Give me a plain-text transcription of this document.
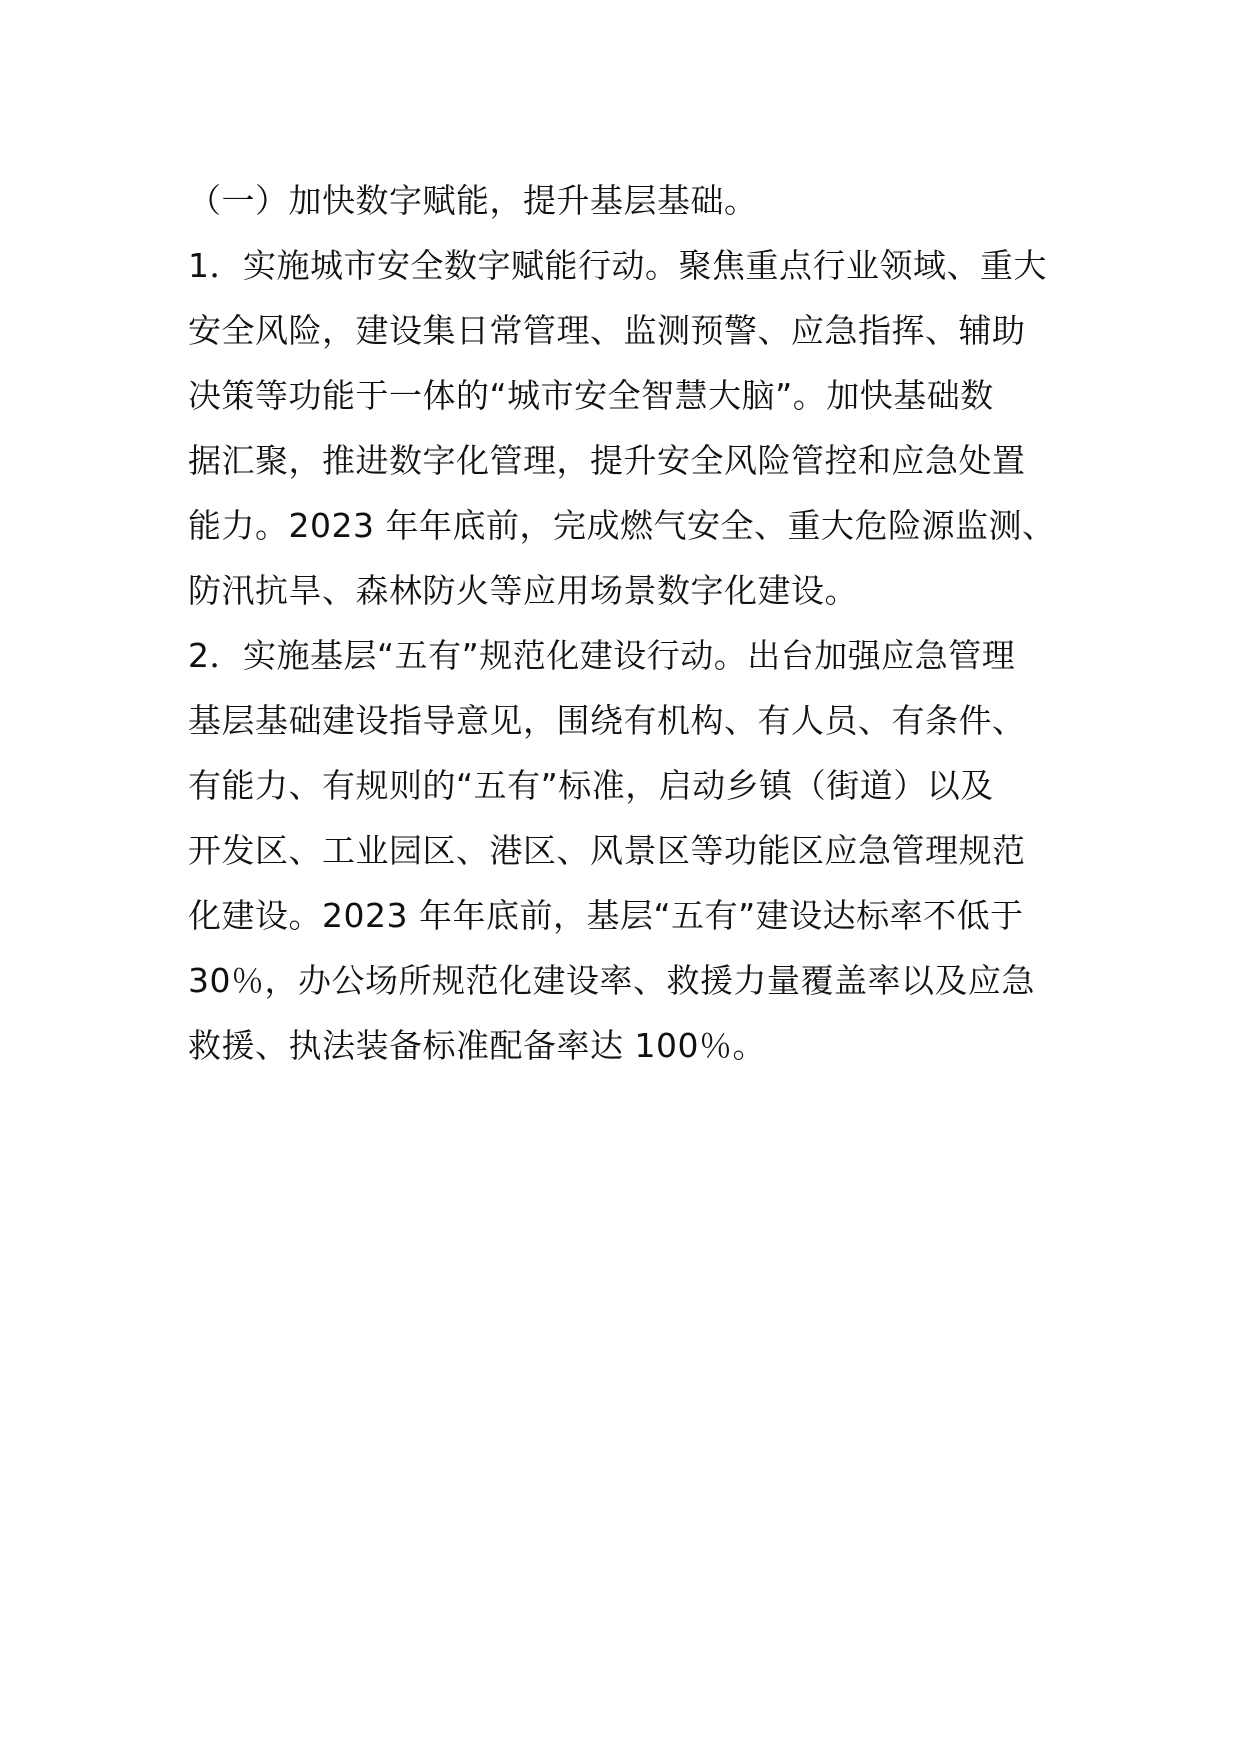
（一）加快数字赋能，提升基层基础。
1．实施城市安全数字赋能行动。聚焦重点行业领域、重大
安全风险，建设集日常管理、监测预警、应急指挥、辅助
决策等功能于一体的“城市安全智慧大脑”。加快基础数
据汇聚，推进数字化管理，提升安全风险管控和应急处置
能力。2023 年年底前，完成燃气安全、重大危险源监测、
防汛抗旱、森林防火等应用场景数字化建设。
2．实施基层“五有”规范化建设行动。出台加强应急管理
基层基础建设指导意见，围绕有机构、有人员、有条件、
有能力、有规则的“五有”标准，启动乡镇（街道）以及
开发区、工业园区、港区、风景区等功能区应急管理规范
化建设。2023 年年底前，基层“五有”建设达标率不低于
30％，办公场所规范化建设率、救援力量覆盖率以及应急
救援、执法装备标准配备率达 100％。
